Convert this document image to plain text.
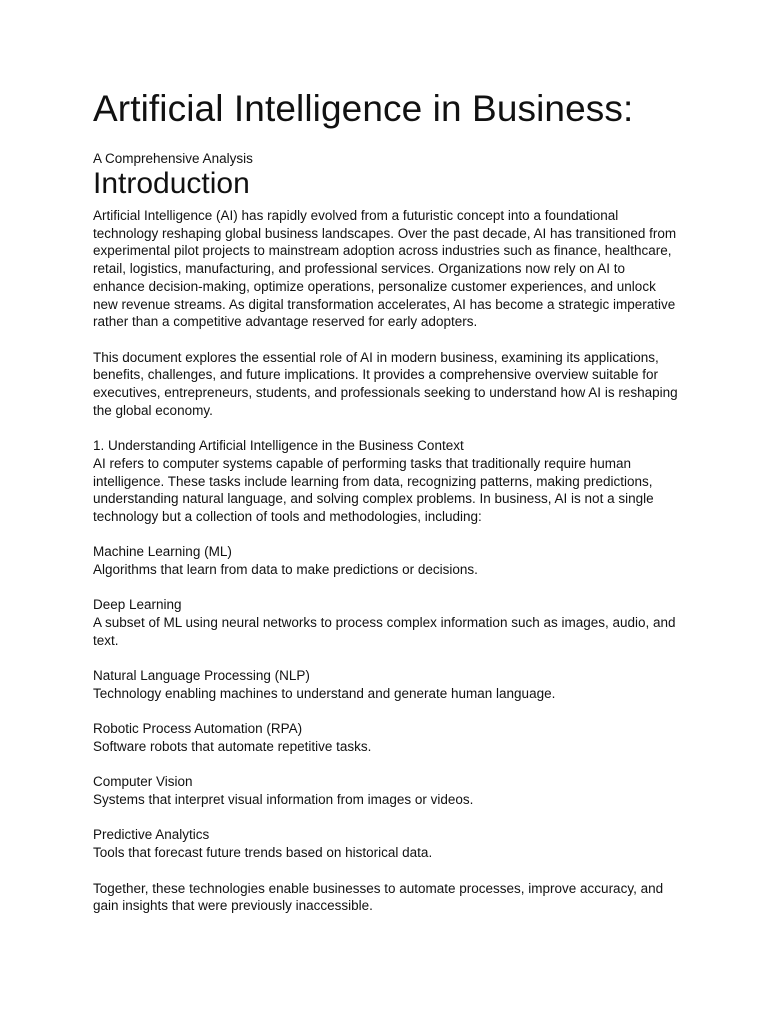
Artificial Intelligence in Business:

A Comprehensive Analysis

Introduction

Artificial Intelligence (AI) has rapidly evolved from a futuristic concept into a foundational technology reshaping global business landscapes. Over the past decade, AI has transitioned from experimental pilot projects to mainstream adoption across industries such as finance, healthcare, retail, logistics, manufacturing, and professional services. Organizations now rely on AI to enhance decision-making, optimize operations, personalize customer experiences, and unlock new revenue streams. As digital transformation accelerates, AI has become a strategic imperative rather than a competitive advantage reserved for early adopters.

This document explores the essential role of AI in modern business, examining its applications, benefits, challenges, and future implications. It provides a comprehensive overview suitable for executives, entrepreneurs, students, and professionals seeking to understand how AI is reshaping the global economy.

1. Understanding Artificial Intelligence in the Business Context
AI refers to computer systems capable of performing tasks that traditionally require human intelligence. These tasks include learning from data, recognizing patterns, making predictions, understanding natural language, and solving complex problems. In business, AI is not a single technology but a collection of tools and methodologies, including:

Machine Learning (ML)
Algorithms that learn from data to make predictions or decisions.

Deep Learning
A subset of ML using neural networks to process complex information such as images, audio, and text.

Natural Language Processing (NLP)
Technology enabling machines to understand and generate human language.

Robotic Process Automation (RPA)
Software robots that automate repetitive tasks.

Computer Vision
Systems that interpret visual information from images or videos.

Predictive Analytics
Tools that forecast future trends based on historical data.

Together, these technologies enable businesses to automate processes, improve accuracy, and gain insights that were previously inaccessible.
